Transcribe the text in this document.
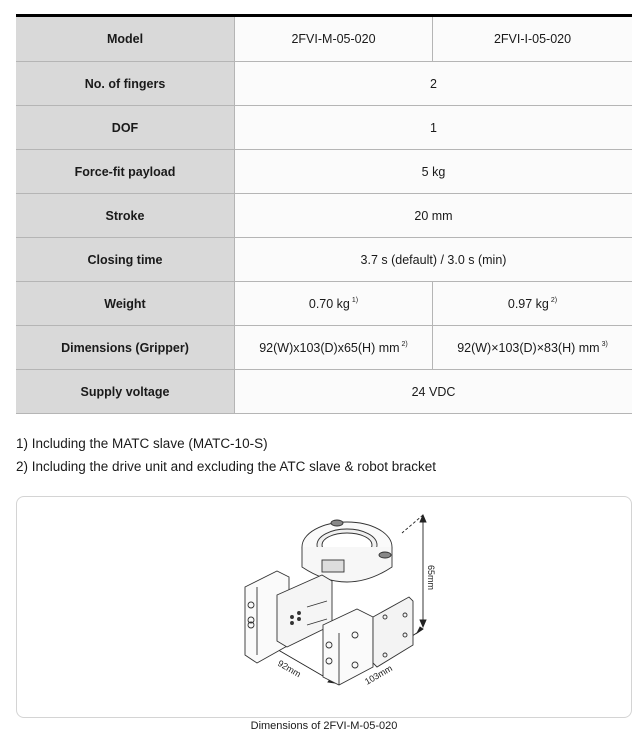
Model	2FVI-M-05-020	2FVI-I-05-020
No. of fingers	2	
DOF	1	
Force-fit payload	5 kg	
Stroke	20 mm	
Closing time	3.7 s (default) / 3.0 s (min)	
Weight	0.70 kg $^{1)}$	0.97 kg $^{2)}$
Dimensions (Gripper)	92(W)x103(D)x65(H) mm $^{2)}$	92(W)×103(D)×83(H) mm $^{3)}$
Supply voltage	24 VDC	
1) Including the MATC slave (MATC-10-S)
2) Including the drive unit and excluding the ATC slave & robot bracket
92mm	103mm
65mm
Dimensions of 2FVI-M-05-020
